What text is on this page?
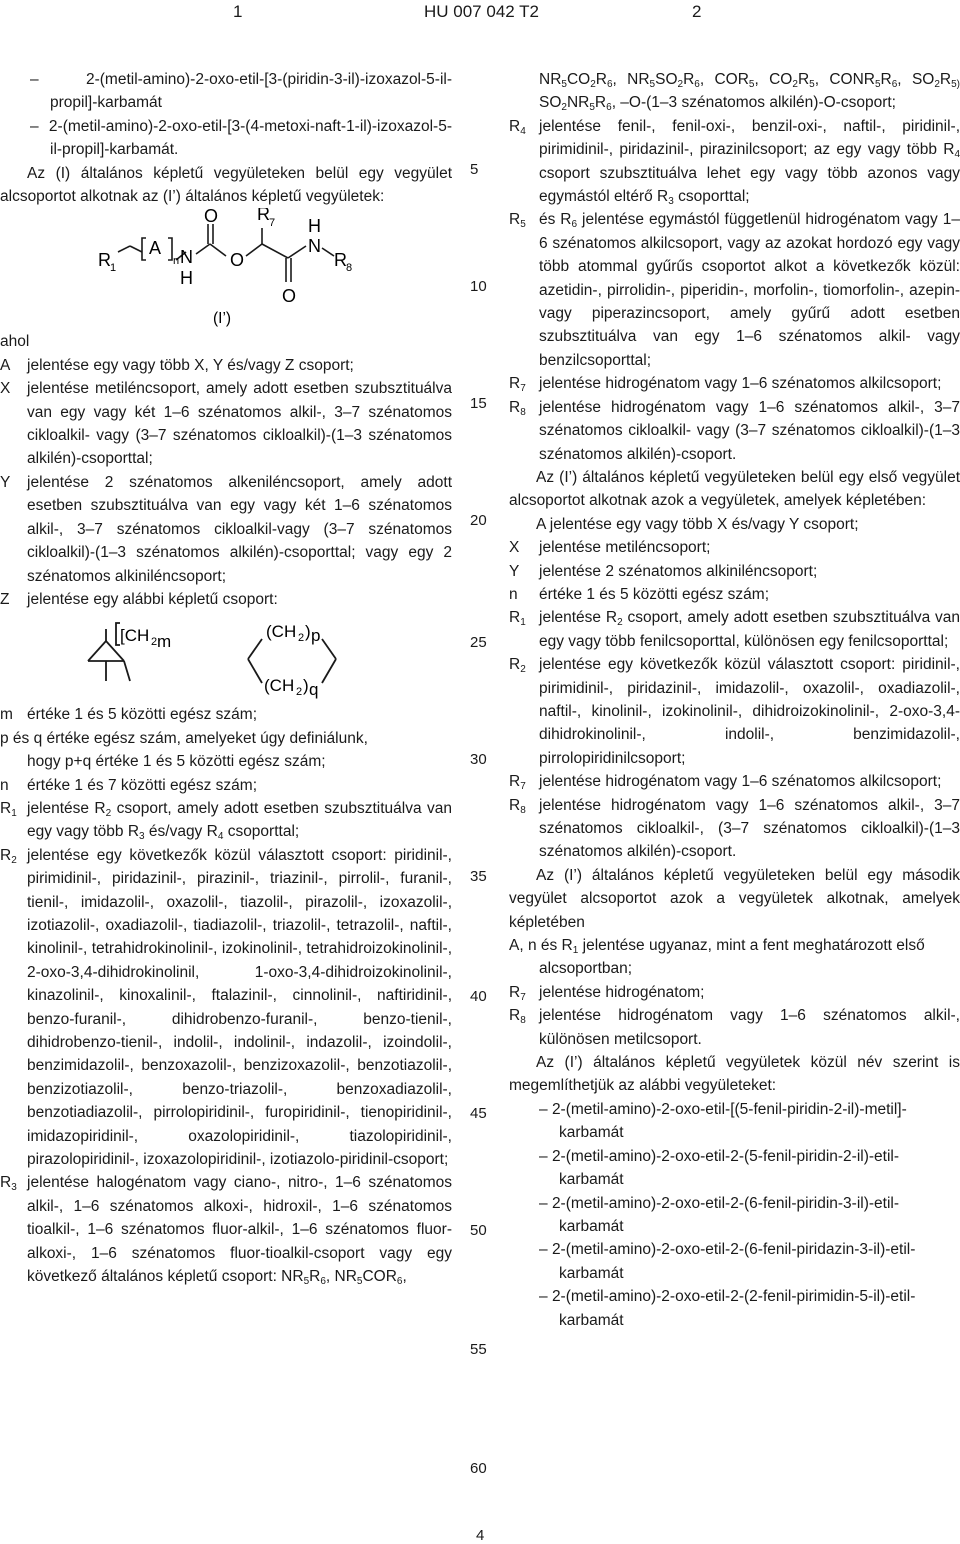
1	HU 007 042 T2	2

–	2-(metil-amino)-2-oxo-etil-[3-(piridin-3-il)-izoxazol-5-il-propil]-karbamát

– 2-(metil-amino)-2-oxo-etil-[3-(4-metoxi-naft-1-il)-izoxazol-5-il-propil]-karbamát.

Az (I) általános képletű vegyületeken belül egy vegyület alcsoportot alkotnak az (I’) általános képletű vegyületek:

R 1
A
n N
H
O
O
R 7
O
N
H
R 8
(I’)

ahol

A	jelentése egy vagy több X, Y és/vagy Z csoport;
X	jelentése metiléncsoport, amely adott esetben szubsztituálva van egy vagy két 1–6 szénatomos alkil-, 3–7 szénatomos cikloalkil- vagy (3–7 szénatomos cikloalkil)-(1–3 szénatomos alkilén)-csoporttal;
Y	jelentése 2 szénatomos alkeniléncsoport, amely adott esetben szubsztituálva van egy vagy két 1–6 szénatomos alkil-, 3–7 szénatomos cikloalkil-vagy (3–7 szénatomos cikloalkil)-(1–3 szénatomos alkilén)-csoporttal; vagy egy 2 szénatomos alkiniléncsoport;
Z	jelentése egy alábbi képletű csoport:
[CH 2 m
(CH 2 ) p
(CH 2 ) q
m értéke 1 és 5 közötti egész szám;

p és q értéke egész szám, amelyeket úgy definiálunk,
hogy p+q értéke 1 és 5 közötti egész szám;

n	értéke 1 és 7 közötti egész szám;
$R_1$ jelentése $R_2$ csoport, amely adott esetben szubsztituálva van egy vagy több $R_3$ és/vagy $R_4$ csoporttal;
$R_2$ jelentése egy következők közül választott csoport: piridinil-, pirimidinil-, piridazinil-, pirazinil-, triazinil-, pirrolil-, furanil-, tienil-, imidazolil-, oxazolil-, tiazolil-, pirazolil-, izoxazolil-, izotiazolil-, oxadiazolil-, tiadiazolil-, triazolil-, tetrazolil-, naftil-, kinolinil-, tetrahidrokinolinil-, izokinolinil-, tetrahidroizokinolinil-, 2-oxo-3,4-dihidrokinolinil, 1-oxo-3,4-dihidroizokinolinil-, kinazolinil-, kinoxalinil-, ftalazinil-, cinnolinil-, naftiridinil-, benzo-furanil-, dihidrobenzo-furanil-, benzo-tienil-, dihidrobenzo-tienil-, indolil-, indolinil-, indazolil-, izoindolil-, benzimidazolil-, benzoxazolil-, benzizoxazolil-, benzotiazolil-, benzizotiazolil-, benzo-triazolil-, benzoxadiazolil-, benzotiadiazolil-, pirrolopiridinil-, furopiridinil-, tienopiridinil-, imidazopiridinil-, oxazolopiridinil-, tiazolopiridinil-, pirazolopiridinil-, izoxazolopiridinil-, izotiazolo-piridinil-csoport;
$R_3$ jelentése halogénatom vagy ciano-, nitro-, 1–6 szénatomos alkil-, 1–6 szénatomos alkoxi-, hidroxil-, 1–6 szénatomos tioalkil-, 1–6 szénatomos fluor-alkil-, 1–6 szénatomos fluor-alkoxi-, 1–6 szénatomos fluor-tioalkil-csoport vagy egy következő általános képletű csoport: $NR_5R_6$, $NR_5COR_6$,
5
10
15
20
25
30
35
40
45
50
55
60

$NR_5CO_2R_6$, $NR_5SO_2R_6$, $COR_5$, $CO_2R_5$, $CONR_5R_6$, $SO_2R_{5)}$ $SO_2NR_5R_6$, –O-(1–3 szénatomos alkilén)-O-csoport;

$R_4$ jelentése fenil-, fenil-oxi-, benzil-oxi-, naftil-, piridinil-, pirimidinil-, piridazinil-, pirazinilcsoport; az egy vagy több $R_4$ csoport szubsztituálva lehet egy vagy több azonos vagy egymástól eltérő $R_3$ csoporttal;
$R_5$ és $R_6$ jelentése egymástól függetlenül hidrogénatom vagy 1–6 szénatomos alkilcsoport, vagy az azokat hordozó egy vagy több atommal gyűrűs csoportot alkot a következők közül: azetidin-, pirrolidin-, piperidin-, morfolin-, tiomorfolin-, azepin- vagy piperazincsoport, amely gyűrű adott esetben szubsztituálva van egy 1–6 szénatomos alkil- vagy benzilcsoporttal;
$R_7$ jelentése hidrogénatom vagy 1–6 szénatomos alkilcsoport;
$R_8$ jelentése hidrogénatom vagy 1–6 szénatomos alkil-, 3–7 szénatomos cikloalkil- vagy (3–7 szénatomos cikloalkil)-(1–3 szénatomos alkilén)-csoport.

Az (I’) általános képletű vegyületeken belül egy első vegyület alcsoportot alkotnak azok a vegyületek, amelyek képletében:

A jelentése egy vagy több X és/vagy Y csoport;

X	jelentése metiléncsoport;
Y	jelentése 2 szénatomos alkiniléncsoport;
n	értéke 1 és 5 közötti egész szám;
$R_1$ jelentése $R_2$ csoport, amely adott esetben szubsztituálva van egy vagy több fenilcsoporttal, különösen egy fenilcsoporttal;
$R_2$ jelentése egy következők közül választott csoport: piridinil-, pirimidinil-, piridazinil-, imidazolil-, oxazolil-, oxadiazolil-, naftil-, kinolinil-, izokinolinil-, dihidroizokinolinil-, 2-oxo-3,4-dihidrokinolinil-, indolil-, benzimidazolil-, pirrolopiridinilcsoport;
$R_7$ jelentése hidrogénatom vagy 1–6 szénatomos alkilcsoport;
$R_8$ jelentése hidrogénatom vagy 1–6 szénatomos alkil-, 3–7 szénatomos cikloalkil-, (3–7 szénatomos cikloalkil)-(1–3 szénatomos alkilén)-csoport.

Az (I’) általános képletű vegyületeken belül egy második vegyület alcsoportot azok a vegyületek alkotnak, amelyek képletében

A, n és $R_1$ jelentése ugyanaz, mint a fent meghatározott első alcsoportban;

$R_7$ jelentése hidrogénatom;
$R_8$ jelentése hidrogénatom vagy 1–6 szénatomos alkil-, különösen metilcsoport.

Az (I’) általános képletű vegyületek közül név szerint is megemlíthetjük az alábbi vegyületeket:

– 2-(metil-amino)-2-oxo-etil-[(5-fenil-piridin-2-il)-metil]-karbamát

– 2-(metil-amino)-2-oxo-etil-2-(5-fenil-piridin-2-il)-etil-karbamát

– 2-(metil-amino)-2-oxo-etil-2-(6-fenil-piridin-3-il)-etil-karbamát

– 2-(metil-amino)-2-oxo-etil-2-(6-fenil-piridazin-3-il)-etil-karbamát

– 2-(metil-amino)-2-oxo-etil-2-(2-fenil-pirimidin-5-il)-etil-karbamát

4
